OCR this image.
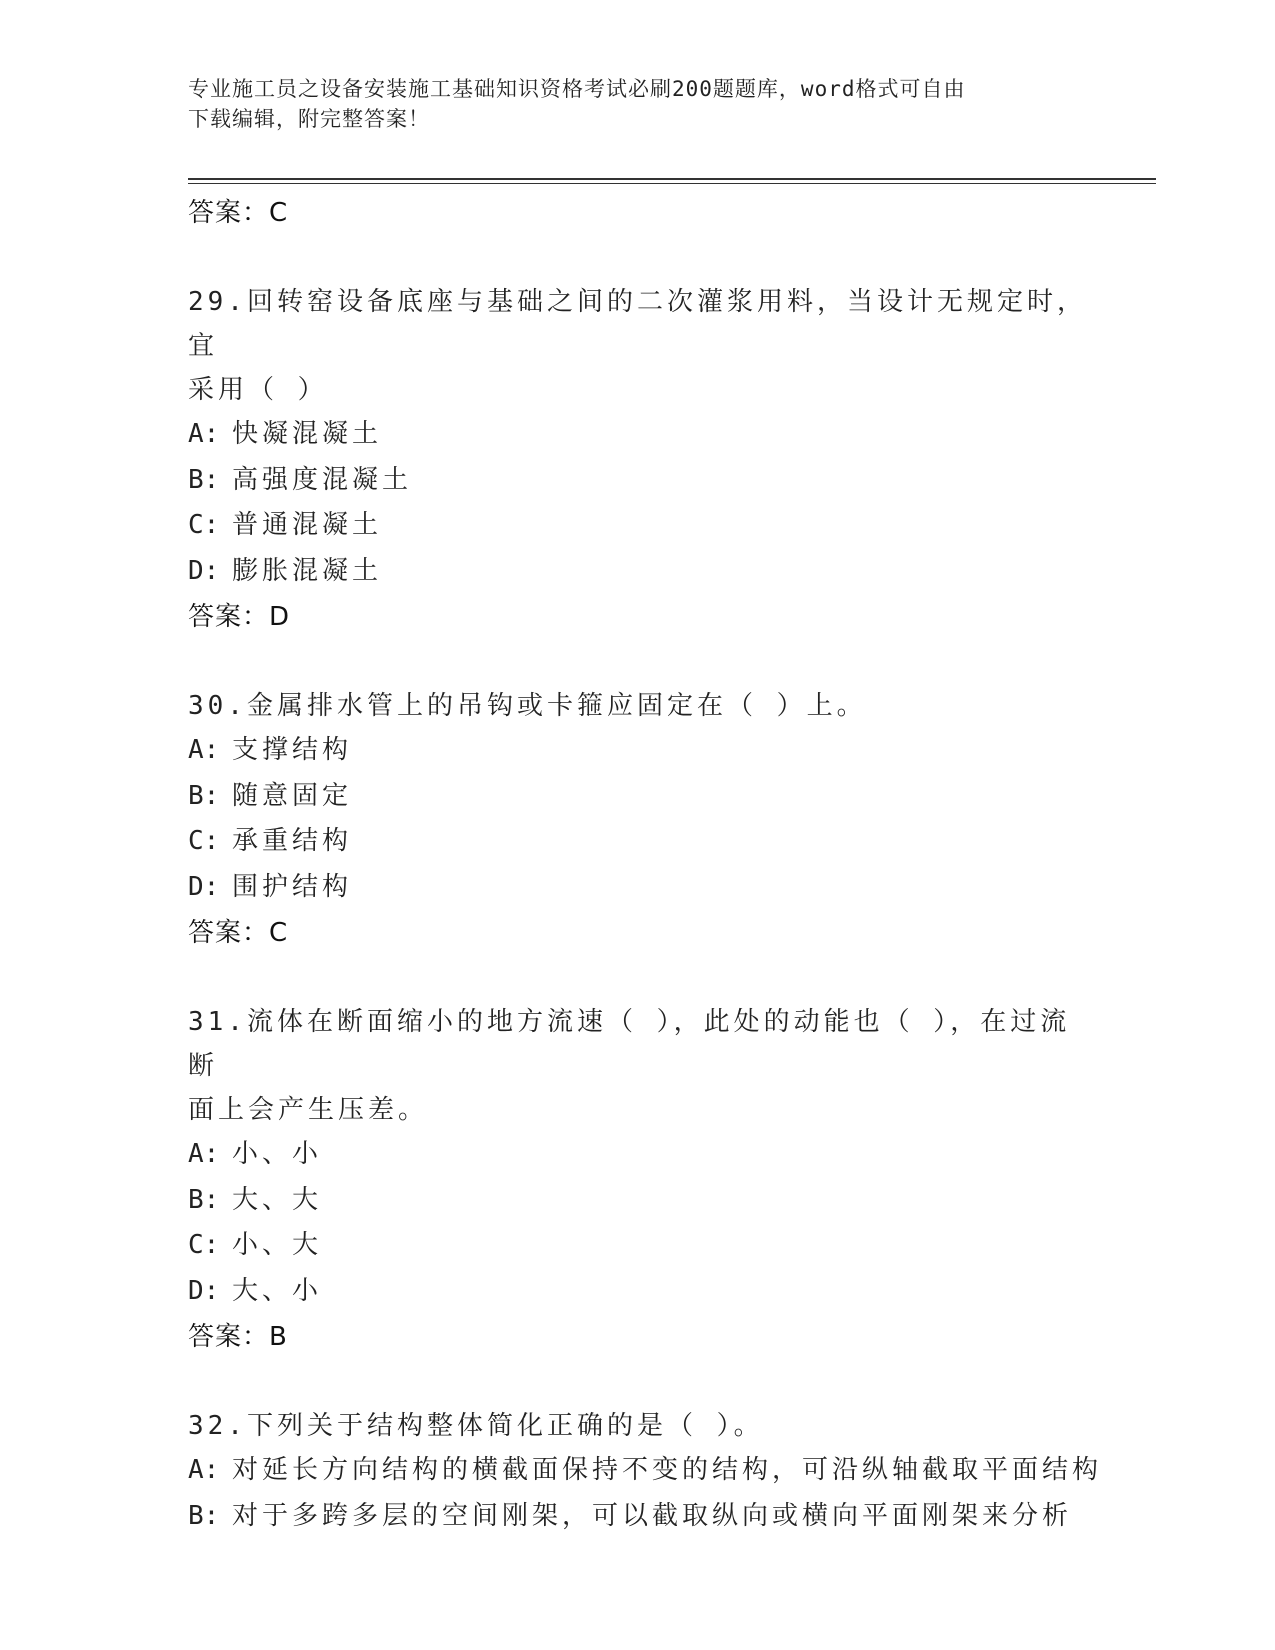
专业施工员之设备安装施工基础知识资格考试必刷200题题库，word格式可自由
下载编辑，附完整答案！
答案：C
29.回转窑设备底座与基础之间的二次灌浆用料，当设计无规定时，宜
采用（ ）
A: 快凝混凝土
B: 高强度混凝土
C: 普通混凝土
D: 膨胀混凝土
答案：D
30.金属排水管上的吊钩或卡箍应固定在（ ）上。
A: 支撑结构
B: 随意固定
C: 承重结构
D: 围护结构
答案：C
31.流体在断面缩小的地方流速（ ），此处的动能也（ ），在过流断
面上会产生压差。
A: 小、小
B: 大、大
C: 小、大
D: 大、小
答案：B
32.下列关于结构整体简化正确的是（ ）。
A: 对延长方向结构的横截面保持不变的结构，可沿纵轴截取平面结构
B: 对于多跨多层的空间刚架，可以截取纵向或横向平面刚架来分析
